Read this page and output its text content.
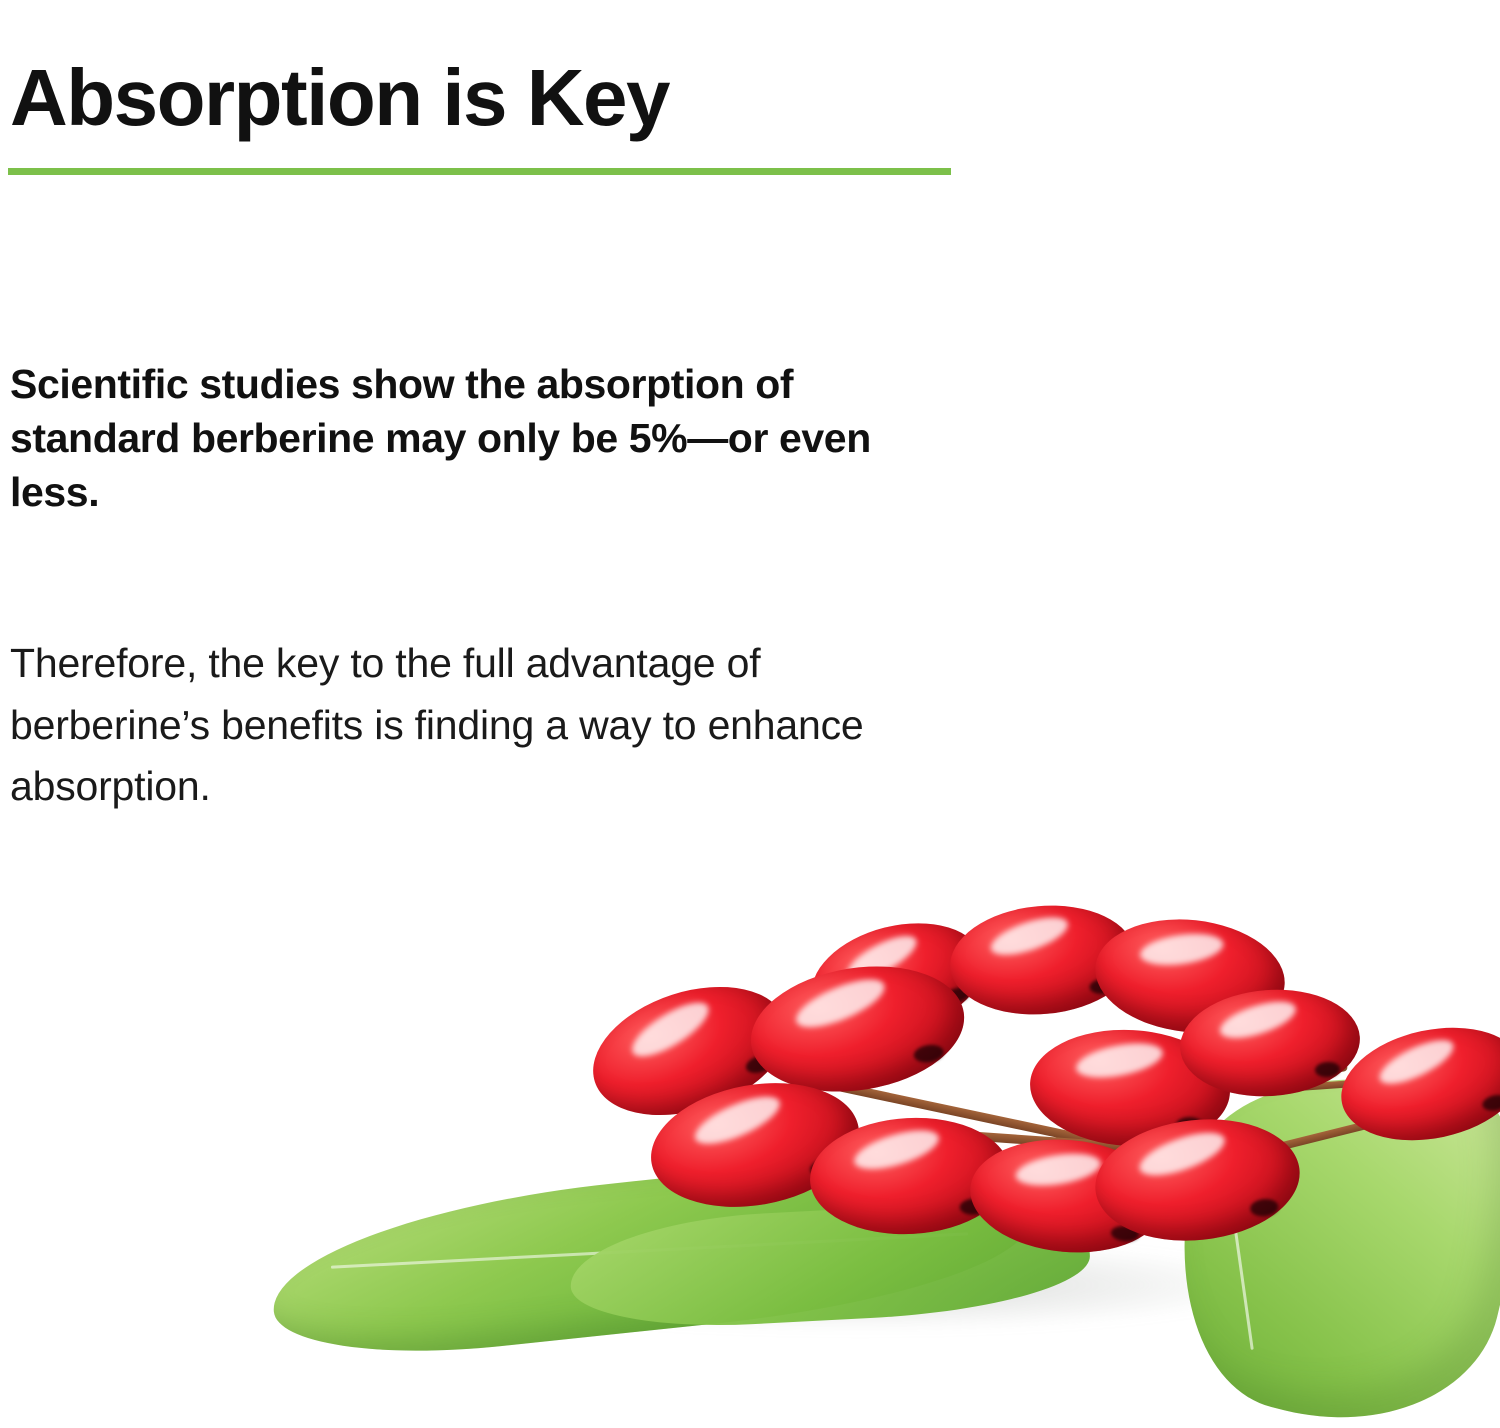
Absorption is Key

Scientific studies show the absorption of standard berberine may only be 5%—or even less.

Therefore, the key to the full advantage of berberine’s benefits is finding a way to enhance absorption.
